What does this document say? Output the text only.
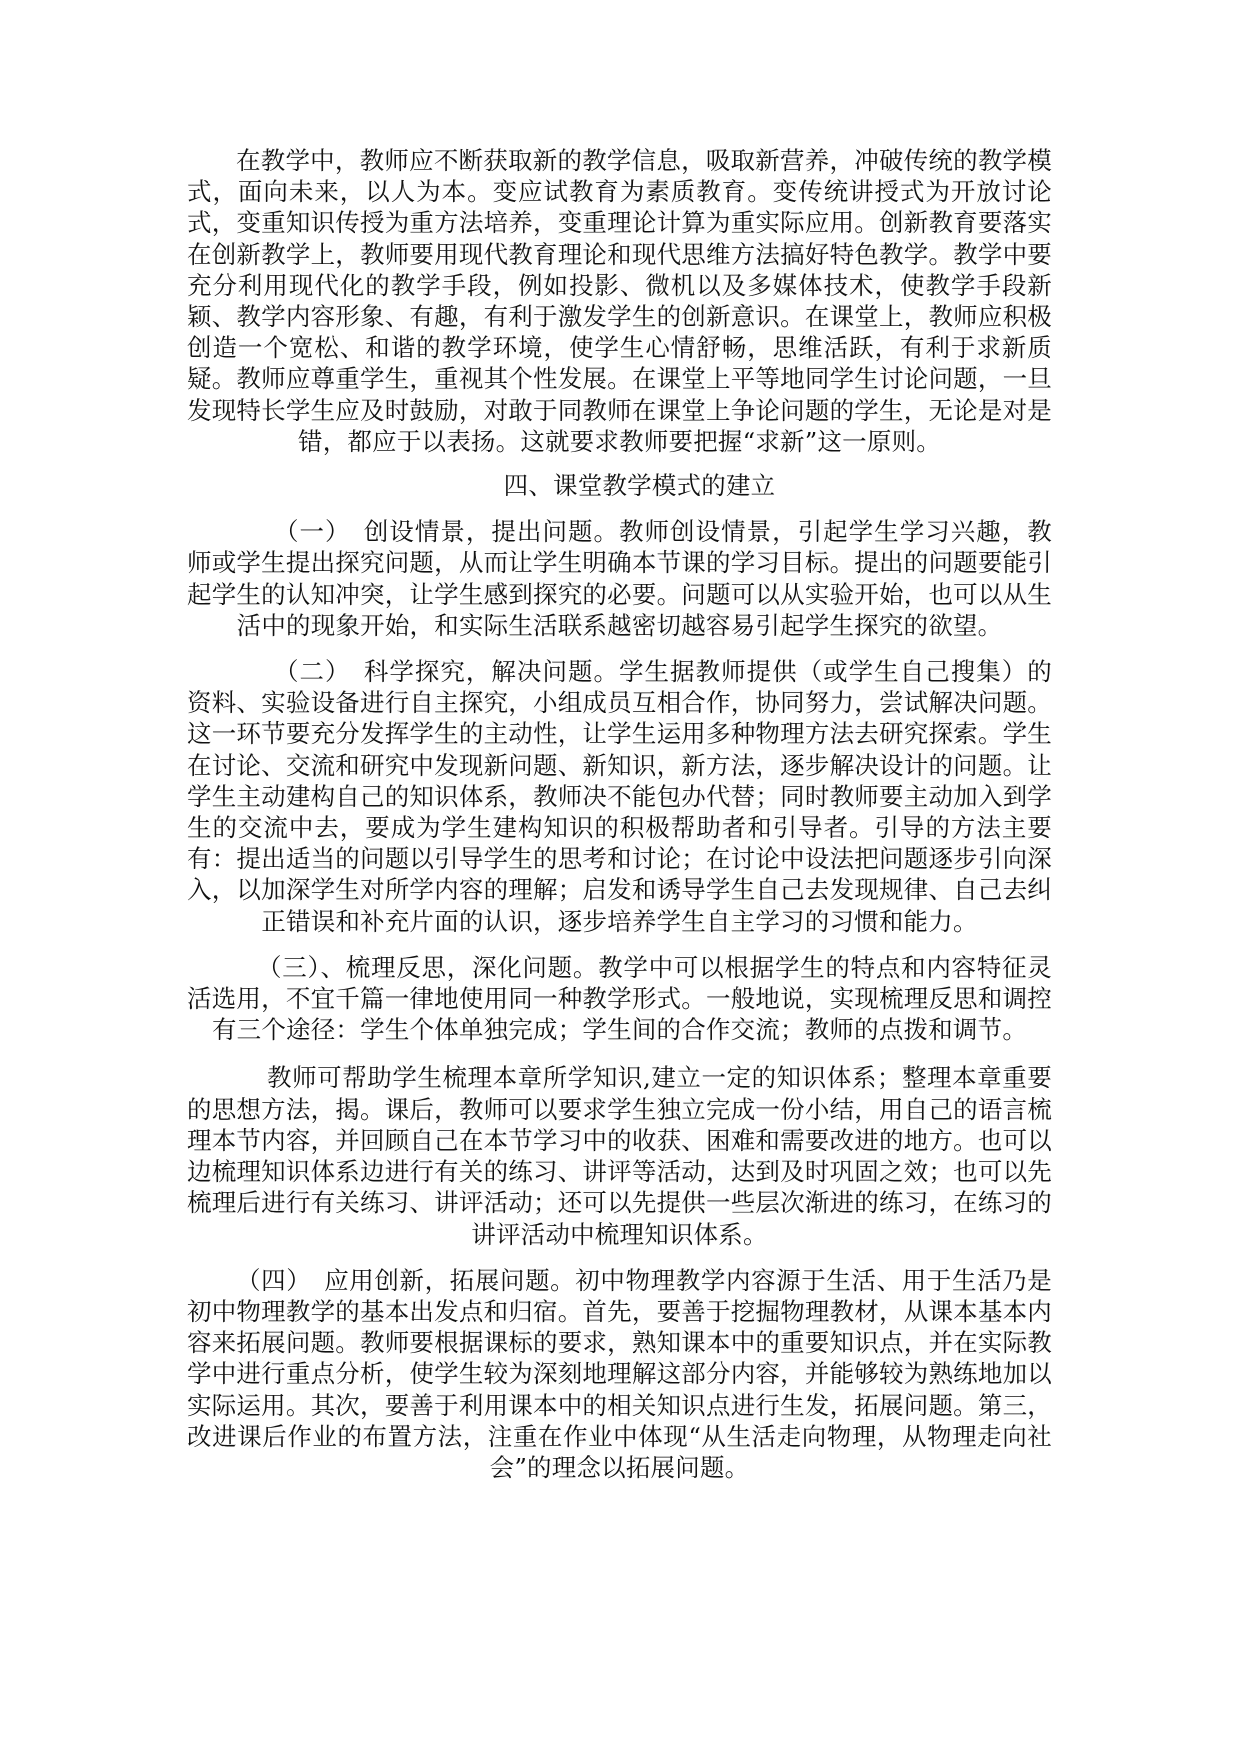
在教学中，教师应不断获取新的教学信息，吸取新营养，冲破传统的教学模式，面向未来，以人为本。变应试教育为素质教育。变传统讲授式为开放讨论式，变重知识传授为重方法培养，变重理论计算为重实际应用。创新教育要落实在创新教学上，教师要用现代教育理论和现代思维方法搞好特色教学。教学中要充分利用现代化的教学手段，例如投影、微机以及多媒体技术，使教学手段新颖、教学内容形象、有趣，有利于激发学生的创新意识。在课堂上，教师应积极创造一个宽松、和谐的教学环境，使学生心情舒畅，思维活跃，有利于求新质疑。教师应尊重学生，重视其个性发展。在课堂上平等地同学生讨论问题，一旦发现特长学生应及时鼓励，对敢于同教师在课堂上争论问题的学生，无论是对是错，都应于以表扬。这就要求教师要把握“求新”这一原则。

四、课堂教学模式的建立

（一）　创设情景，提出问题。教师创设情景，引起学生学习兴趣，教师或学生提出探究问题，从而让学生明确本节课的学习目标。提出的问题要能引起学生的认知冲突，让学生感到探究的必要。问题可以从实验开始，也可以从生活中的现象开始，和实际生活联系越密切越容易引起学生探究的欲望。

（二）　科学探究，解决问题。学生据教师提供（或学生自己搜集）的资料、实验设备进行自主探究，小组成员互相合作，协同努力，尝试解决问题。这一环节要充分发挥学生的主动性，让学生运用多种物理方法去研究探索。学生在讨论、交流和研究中发现新问题、新知识，新方法，逐步解决设计的问题。让学生主动建构自己的知识体系，教师决不能包办代替；同时教师要主动加入到学生的交流中去，要成为学生建构知识的积极帮助者和引导者。引导的方法主要有：提出适当的问题以引导学生的思考和讨论；在讨论中设法把问题逐步引向深入，以加深学生对所学内容的理解；启发和诱导学生自己去发现规律、自己去纠正错误和补充片面的认识，逐步培养学生自主学习的习惯和能力。

（三）、梳理反思，深化问题。教学中可以根据学生的特点和内容特征灵活选用，不宜千篇一律地使用同一种教学形式。一般地说，实现梳理反思和调控有三个途径：学生个体单独完成；学生间的合作交流；教师的点拨和调节。

教师可帮助学生梳理本章所学知识,建立一定的知识体系；整理本章重要的思想方法，揭。课后，教师可以要求学生独立完成一份小结，用自己的语言梳理本节内容，并回顾自己在本节学习中的收获、困难和需要改进的地方。也可以边梳理知识体系边进行有关的练习、讲评等活动，达到及时巩固之效；也可以先梳理后进行有关练习、讲评活动；还可以先提供一些层次渐进的练习，在练习的讲评活动中梳理知识体系。

（四）　应用创新，拓展问题。初中物理教学内容源于生活、用于生活乃是初中物理教学的基本出发点和归宿。首先，要善于挖掘物理教材，从课本基本内容来拓展问题。教师要根据课标的要求，熟知课本中的重要知识点，并在实际教学中进行重点分析，使学生较为深刻地理解这部分内容，并能够较为熟练地加以实际运用。其次，要善于利用课本中的相关知识点进行生发，拓展问题。第三，改进课后作业的布置方法，注重在作业中体现“从生活走向物理，从物理走向社会”的理念以拓展问题。
